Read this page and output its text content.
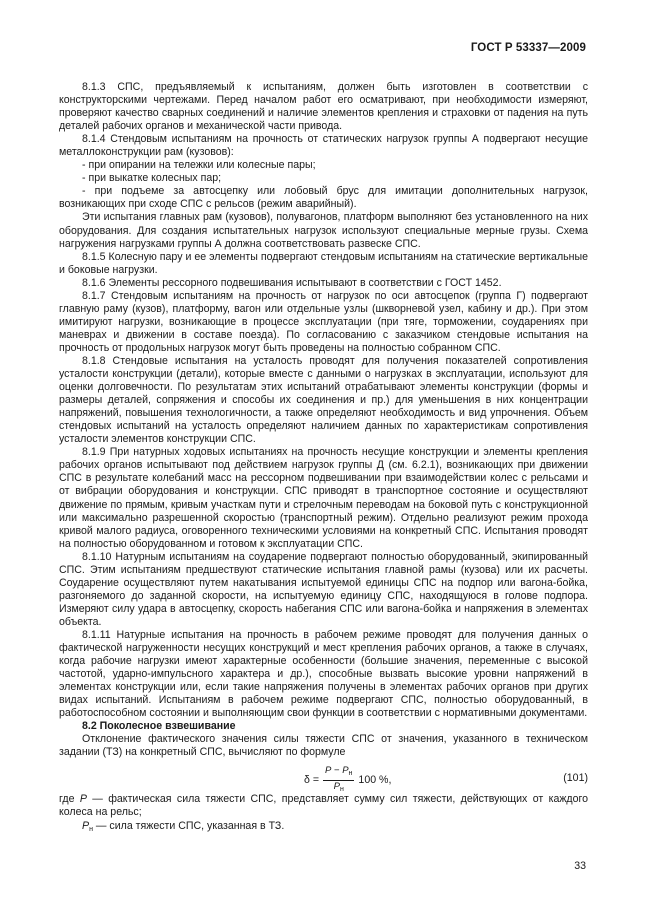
ГОСТ Р 53337—2009

8.1.3 СПС, предъявляемый к испытаниям, должен быть изготовлен в соответствии с конструкторскими чертежами. Перед началом работ его осматривают, при необходимости измеряют, проверяют качество сварных соединений и наличие элементов крепления и страховки от падения на путь деталей рабочих органов и механической части привода.

8.1.4 Стендовым испытаниям на прочность от статических нагрузок группы А подвергают несущие металлоконструкции рам (кузовов):

- при опирании на тележки или колесные пары;

- при выкатке колесных пар;

- при подъеме за автосцепку или лобовый брус для имитации дополнительных нагрузок, возникающих при сходе СПС с рельсов (режим аварийный).

Эти испытания главных рам (кузовов), полувагонов, платформ выполняют без установленного на них оборудования. Для создания испытательных нагрузок используют специальные мерные грузы. Схема нагружения нагрузками группы А должна соответствовать развеске СПС.

8.1.5 Колесную пару и ее элементы подвергают стендовым испытаниям на статические вертикальные и боковые нагрузки.

8.1.6 Элементы рессорного подвешивания испытывают в соответствии с ГОСТ 1452.

8.1.7 Стендовым испытаниям на прочность от нагрузок по оси автосцепок (группа Г) подвергают главную раму (кузов), платформу, вагон или отдельные узлы (шкворневой узел, кабину и др.). При этом имитируют нагрузки, возникающие в процессе эксплуатации (при тяге, торможении, соударениях при маневрах и движении в составе поезда). По согласованию с заказчиком стендовые испытания на прочность от продольных нагрузок могут быть проведены на полностью собранном СПС.

8.1.8 Стендовые испытания на усталость проводят для получения показателей сопротивления усталости конструкции (детали), которые вместе с данными о нагрузках в эксплуатации, используют для оценки долговечности. По результатам этих испытаний отрабатывают элементы конструкции (формы и размеры деталей, сопряжения и способы их соединения и пр.) для уменьшения в них концентрации напряжений, повышения технологичности, а также определяют необходимость и вид упрочнения. Объем стендовых испытаний на усталость определяют наличием данных по характеристикам сопротивления усталости элементов конструкции СПС.

8.1.9 При натурных ходовых испытаниях на прочность несущие конструкции и элементы крепления рабочих органов испытывают под действием нагрузок группы Д (см. 6.2.1), возникающих при движении СПС в результате колебаний масс на рессорном подвешивании при взаимодействии колес с рельсами и от вибрации оборудования и конструкции. СПС приводят в транспортное состояние и осуществляют движение по прямым, кривым участкам пути и стрелочным переводам на боковой путь с конструкционной или максимально разрешенной скоростью (транспортный режим). Отдельно реализуют режим прохода кривой малого радиуса, оговоренного техническими условиями на конкретный СПС. Испытания проводят на полностью оборудованном и готовом к эксплуатации СПС.

8.1.10 Натурным испытаниям на соударение подвергают полностью оборудованный, экипированный СПС. Этим испытаниям предшествуют статические испытания главной рамы (кузова) или их расчеты. Соударение осуществляют путем накатывания испытуемой единицы СПС на подпор или вагона-бойка, разгоняемого до заданной скорости, на испытуемую единицу СПС, находящуюся в голове подпора. Измеряют силу удара в автосцепку, скорость набегания СПС или вагона-бойка и напряжения в элементах объекта.

8.1.11 Натурные испытания на прочность в рабочем режиме проводят для получения данных о фактической нагруженности несущих конструкций и мест крепления рабочих органов, а также в случаях, когда рабочие нагрузки имеют характерные особенности (большие значения, переменные с высокой частотой, ударно-импульсного характера и др.), способные вызвать высокие уровни напряжений в элементах конструкции или, если такие напряжения получены в элементах рабочих органов при других видах испытаний. Испытаниям в рабочем режиме подвергают СПС, полностью оборудованный, в работоспособном состоянии и выполняющим свои функции в соответствии с нормативными документами.

8.2 Поколесное взвешивание

Отклонение фактического значения силы тяжести СПС от значения, указанного в техническом задании (ТЗ) на конкретный СПС, вычисляют по формуле

$\delta = \frac{P - P_н}{P_н} 100$ %,	(101)

где P — фактическая сила тяжести СПС, представляет сумму сил тяжести, действующих от каждого колеса на рельс;

$P_н$ — сила тяжести СПС, указанная в ТЗ.

33
